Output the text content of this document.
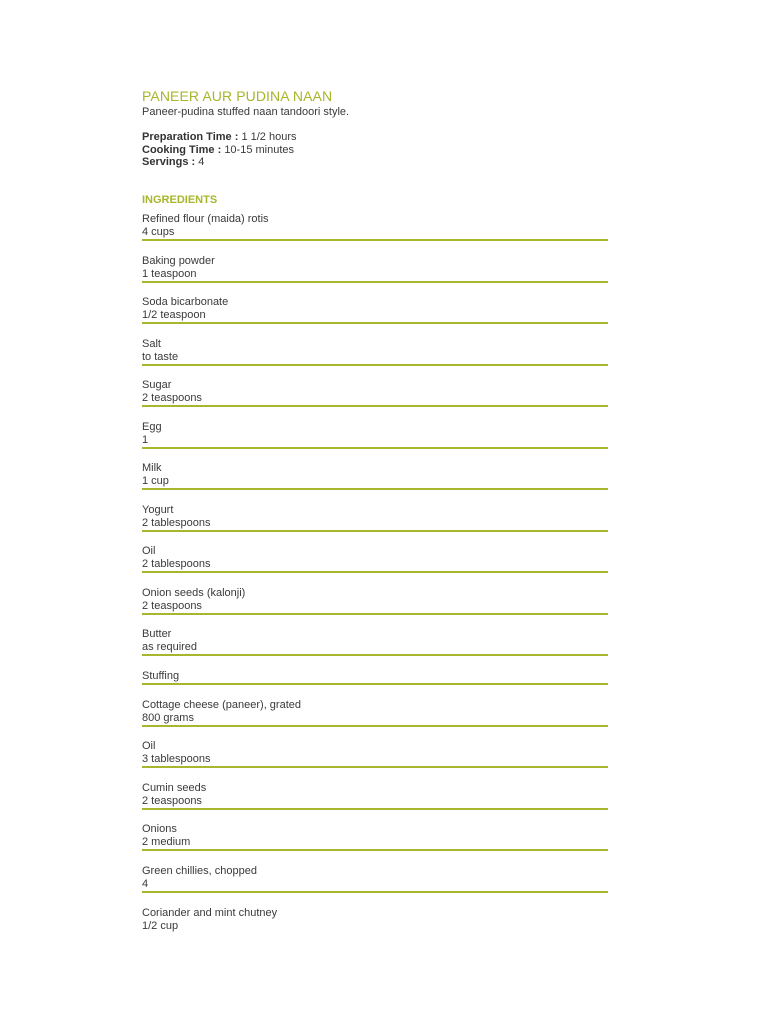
PANEER AUR PUDINA NAAN
Paneer-pudina stuffed naan tandoori style.
Preparation Time : 1 1/2 hours
Cooking Time : 10-15 minutes
Servings : 4
INGREDIENTS
Refined flour (maida) rotis
4 cups
Baking powder
1 teaspoon
Soda bicarbonate
1/2 teaspoon
Salt
to taste
Sugar
2 teaspoons
Egg
1
Milk
1 cup
Yogurt
2 tablespoons
Oil
2 tablespoons
Onion seeds (kalonji)
2 teaspoons
Butter
as required
Stuffing
Cottage cheese (paneer), grated
800 grams
Oil
3 tablespoons
Cumin seeds
2 teaspoons
Onions
2 medium
Green chillies, chopped
4
Coriander and mint chutney
1/2 cup
